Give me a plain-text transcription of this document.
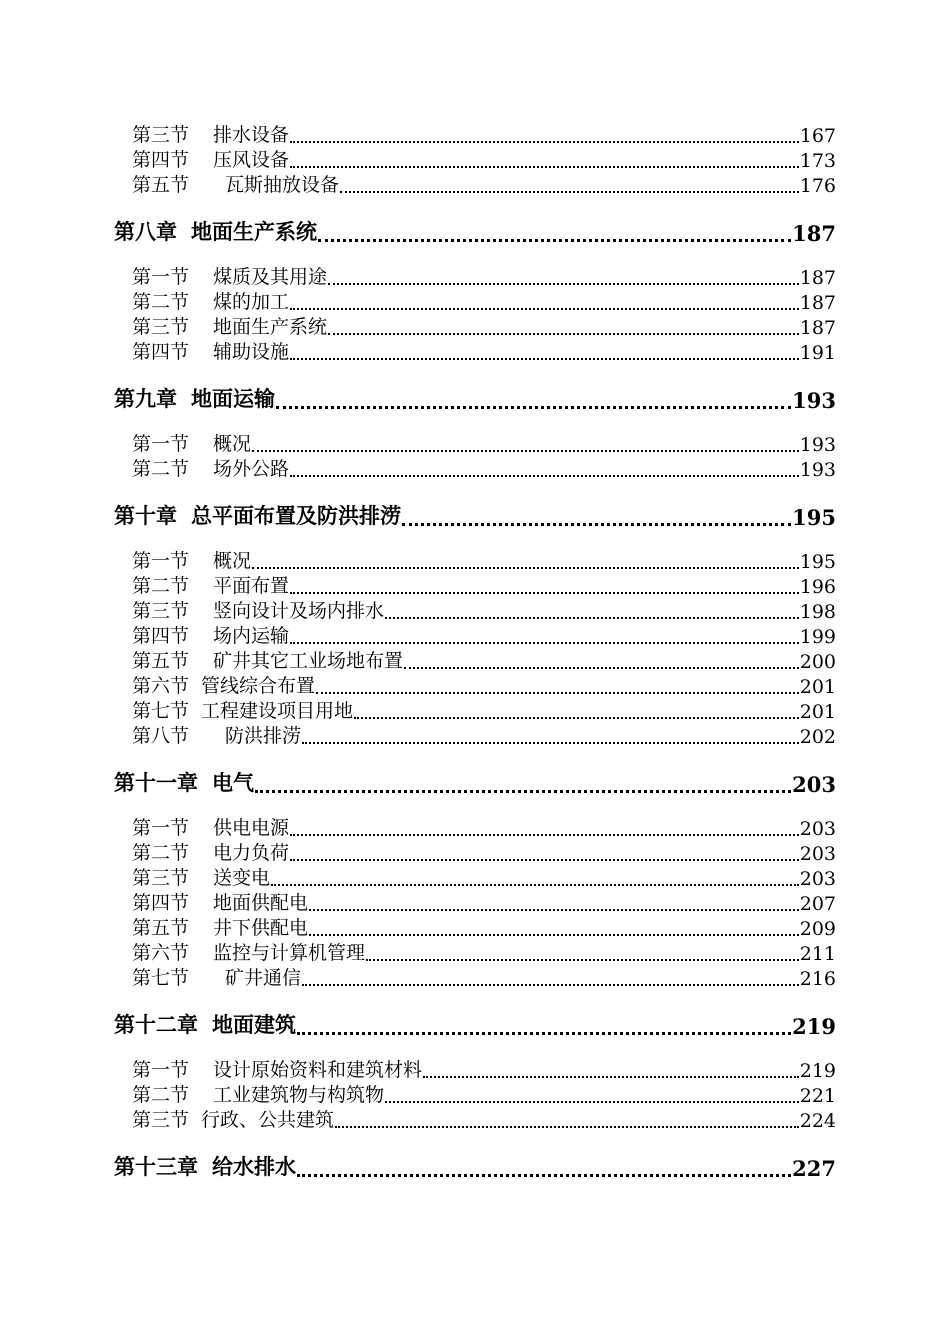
第三节 排水设备	167
第四节 压风设备	173
第五节 瓦斯抽放设备	176
第八章 地面生产系统	187
第一节 煤质及其用途	187
第二节 煤的加工	187
第三节 地面生产系统	187
第四节 辅助设施	191
第九章 地面运输	193
第一节 概况	193
第二节 场外公路	193
第十章 总平面布置及防洪排涝	195
第一节 概况	195
第二节 平面布置	196
第三节 竖向设计及场内排水	198
第四节 场内运输	199
第五节 矿井其它工业场地布置	200
第六节 管线综合布置	201
第七节 工程建设项目用地	201
第八节 防洪排涝	202
第十一章 电气	203
第一节 供电电源	203
第二节 电力负荷	203
第三节 送变电	203
第四节 地面供配电	207
第五节 井下供配电	209
第六节 监控与计算机管理	211
第七节 矿井通信	216
第十二章 地面建筑	219
第一节 设计原始资料和建筑材料	219
第二节 工业建筑物与构筑物	221
第三节 行政、公共建筑	224
第十三章 给水排水	227
